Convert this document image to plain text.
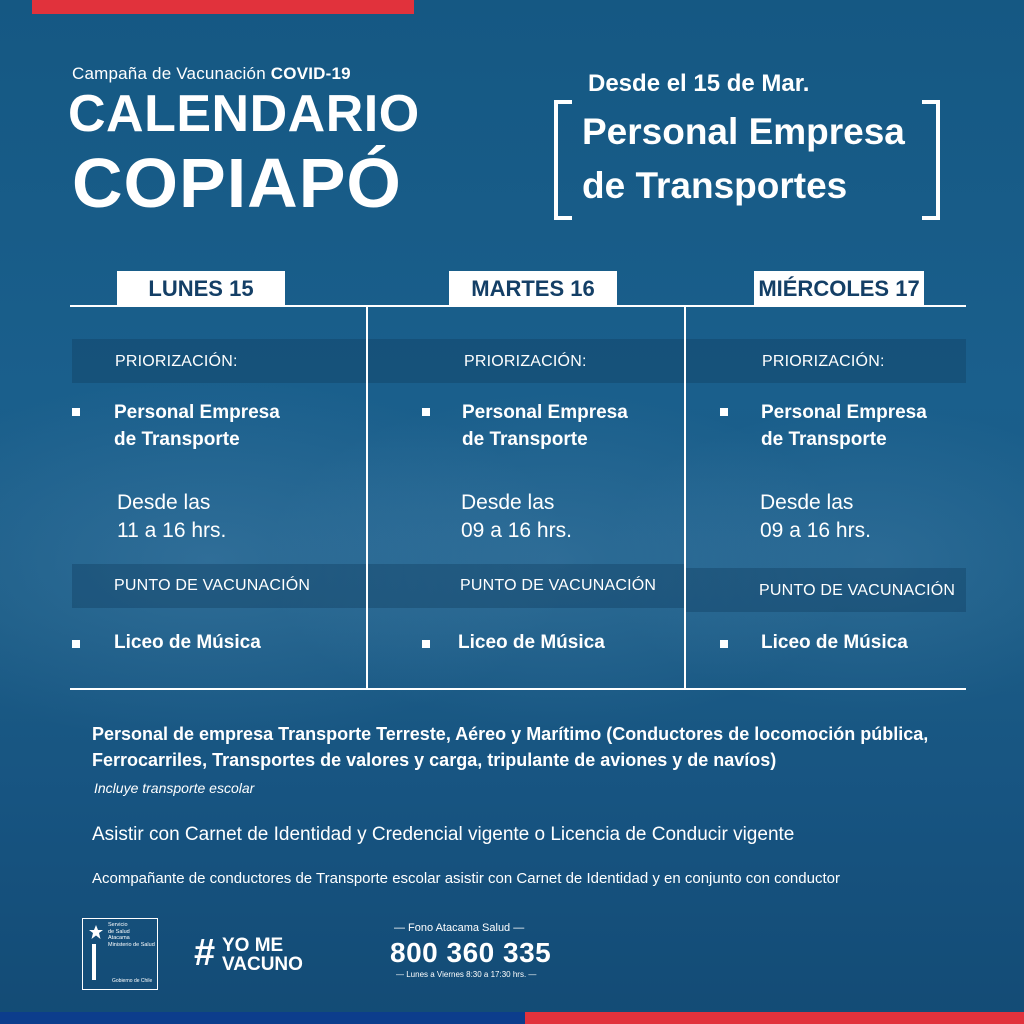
Campaña de Vacunación COVID-19
CALENDARIO
COPIAPÓ
Desde el 15 de Mar.
Personal Empresa
de Transportes
LUNES 15	MARTES 16	MIÉRCOLES 17
PRIORIZACIÓN:
Personal Empresa
de Transporte
Desde las
11 a 16 hrs.
PUNTO DE VACUNACIÓN
Liceo de Música
PRIORIZACIÓN:
Personal Empresa
de Transporte
Desde las
09 a 16 hrs.
PUNTO DE VACUNACIÓN
Liceo de Música
PRIORIZACIÓN:
Personal Empresa
de Transporte
Desde las
09 a 16 hrs.
PUNTO DE VACUNACIÓN
Liceo de Música
Personal de empresa Transporte Terreste, Aéreo y Marítimo (Conductores de locomoción pública, Ferrocarriles, Transportes de valores y carga, tripulante de aviones y de navíos)
Incluye transporte escolar
Asistir con Carnet de Identidad y Credencial vigente o Licencia de Conducir vigente
Acompañante de conductores de Transporte escolar asistir con Carnet de Identidad y en conjunto con conductor
Servicio
de Salud
Atacama
Ministerio de Salud
Gobierno de Chile
# YO ME
VACUNO
— Fono Atacama Salud —
800 360 335
— Lunes a Viernes 8:30 a 17:30 hrs. —
